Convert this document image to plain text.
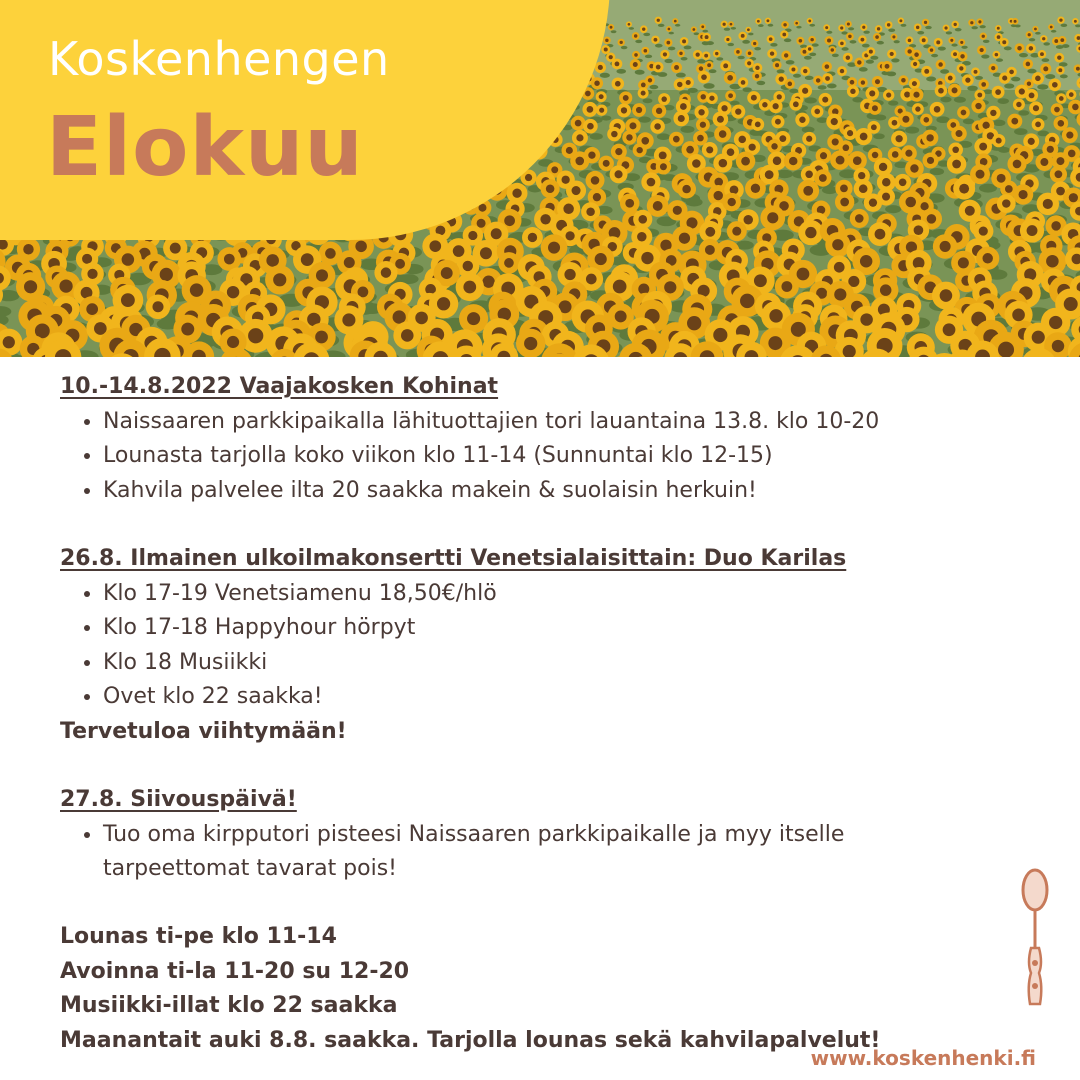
Koskenhengen
Elokuu
10.-14.8.2022 Vaajakosken Kohinat
• Naissaaren parkkipaikalla lähituottajien tori lauantaina 13.8. klo 10-20
• Lounasta tarjolla koko viikon klo 11-14 (Sunnuntai klo 12-15)
• Kahvila palvelee ilta 20 saakka makein & suolaisin herkuin!
26.8. Ilmainen ulkoilmakonsertti Venetsialaisittain: Duo Karilas
• Klo 17-19 Venetsiamenu 18,50€/hlö
• Klo 17-18 Happyhour hörpyt
• Klo 18 Musiikki
• Ovet klo 22 saakka!
Tervetuloa viihtymään!
27.8. Siivouspäivä!
• Tuo oma kirpputori pisteesi Naissaaren parkkipaikalle ja myy itselle tarpeettomat tavarat pois!
Lounas ti-pe klo 11-14
Avoinna ti-la 11-20 su 12-20
Musiikki-illat klo 22 saakka
Maanantait auki 8.8. saakka. Tarjolla lounas sekä kahvilapalvelut!
www.koskenhenki.fi
